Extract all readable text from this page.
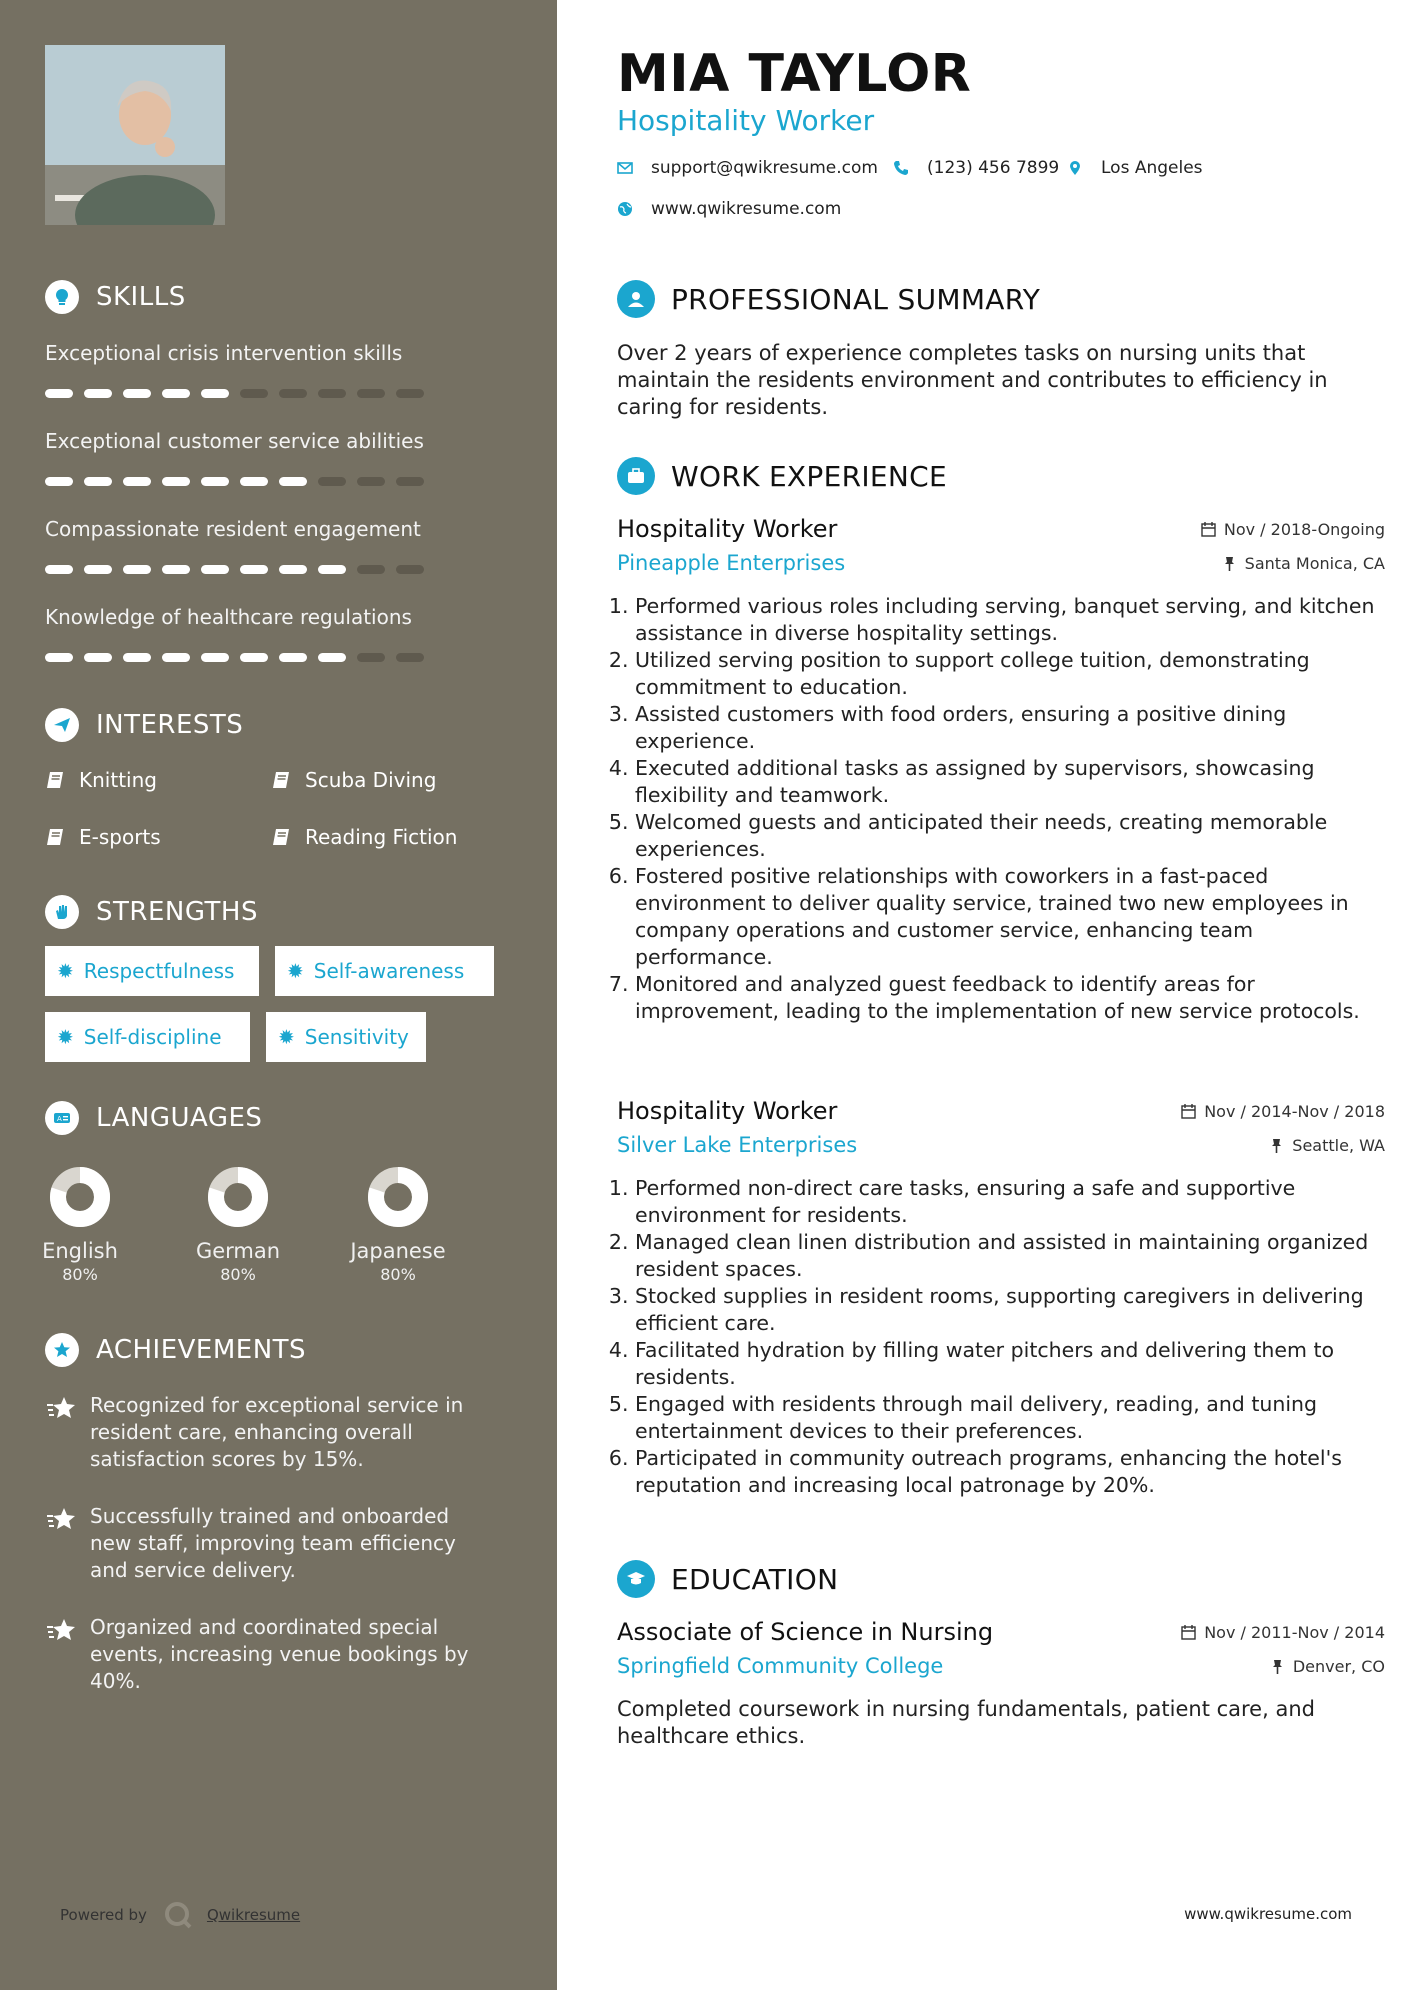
SKILLS
Exceptional crisis intervention skills
Exceptional customer service abilities
Compassionate resident engagement
Knowledge of healthcare regulations
INTERESTS
Knitting	Scuba Diving
E-sports	Reading Fiction
STRENGTHS
✹ Respectfulness	✹ Self-awareness
✹ Self-discipline	✹ Sensitivity
A LANGUAGES
English
80%
German
80%
Japanese
80%
ACHIEVEMENTS
Recognized for exceptional service in resident care, enhancing overall satisfaction scores by 15%.
Successfully trained and onboarded new staff, improving team efficiency and service delivery.
Organized and coordinated special events, increasing venue bookings by 40%.
Powered by	Qwikresume
MIA TAYLOR
Hospitality Worker
support@qwikresume.com	(123) 456 7899 Los Angeles
www.qwikresume.com
PROFESSIONAL SUMMARY
Over 2 years of experience completes tasks on nursing units that maintain the residents environment and contributes to efficiency in caring for residents.
WORK EXPERIENCE
Hospitality Worker	Nov / 2018-Ongoing
Pineapple Enterprises	Santa Monica, CA
1. Performed various roles including serving, banquet serving, and kitchen assistance in diverse hospitality settings.
2. Utilized serving position to support college tuition, demonstrating commitment to education.
3. Assisted customers with food orders, ensuring a positive dining experience.
4. Executed additional tasks as assigned by supervisors, showcasing flexibility and teamwork.
5. Welcomed guests and anticipated their needs, creating memorable experiences.
6. Fostered positive relationships with coworkers in a fast-paced environment to deliver quality service, trained two new employees in company operations and customer service, enhancing team performance.
7. Monitored and analyzed guest feedback to identify areas for improvement, leading to the implementation of new service protocols.
Hospitality Worker	Nov / 2014-Nov / 2018
Silver Lake Enterprises	Seattle, WA
1. Performed non-direct care tasks, ensuring a safe and supportive environment for residents.
2. Managed clean linen distribution and assisted in maintaining organized resident spaces.
3. Stocked supplies in resident rooms, supporting caregivers in delivering efficient care.
4. Facilitated hydration by filling water pitchers and delivering them to residents.
5. Engaged with residents through mail delivery, reading, and tuning entertainment devices to their preferences.
6. Participated in community outreach programs, enhancing the hotel's reputation and increasing local patronage by 20%.
EDUCATION
Associate of Science in Nursing	Nov / 2011-Nov / 2014
Springfield Community College	Denver, CO
Completed coursework in nursing fundamentals, patient care, and healthcare ethics.
www.qwikresume.com
